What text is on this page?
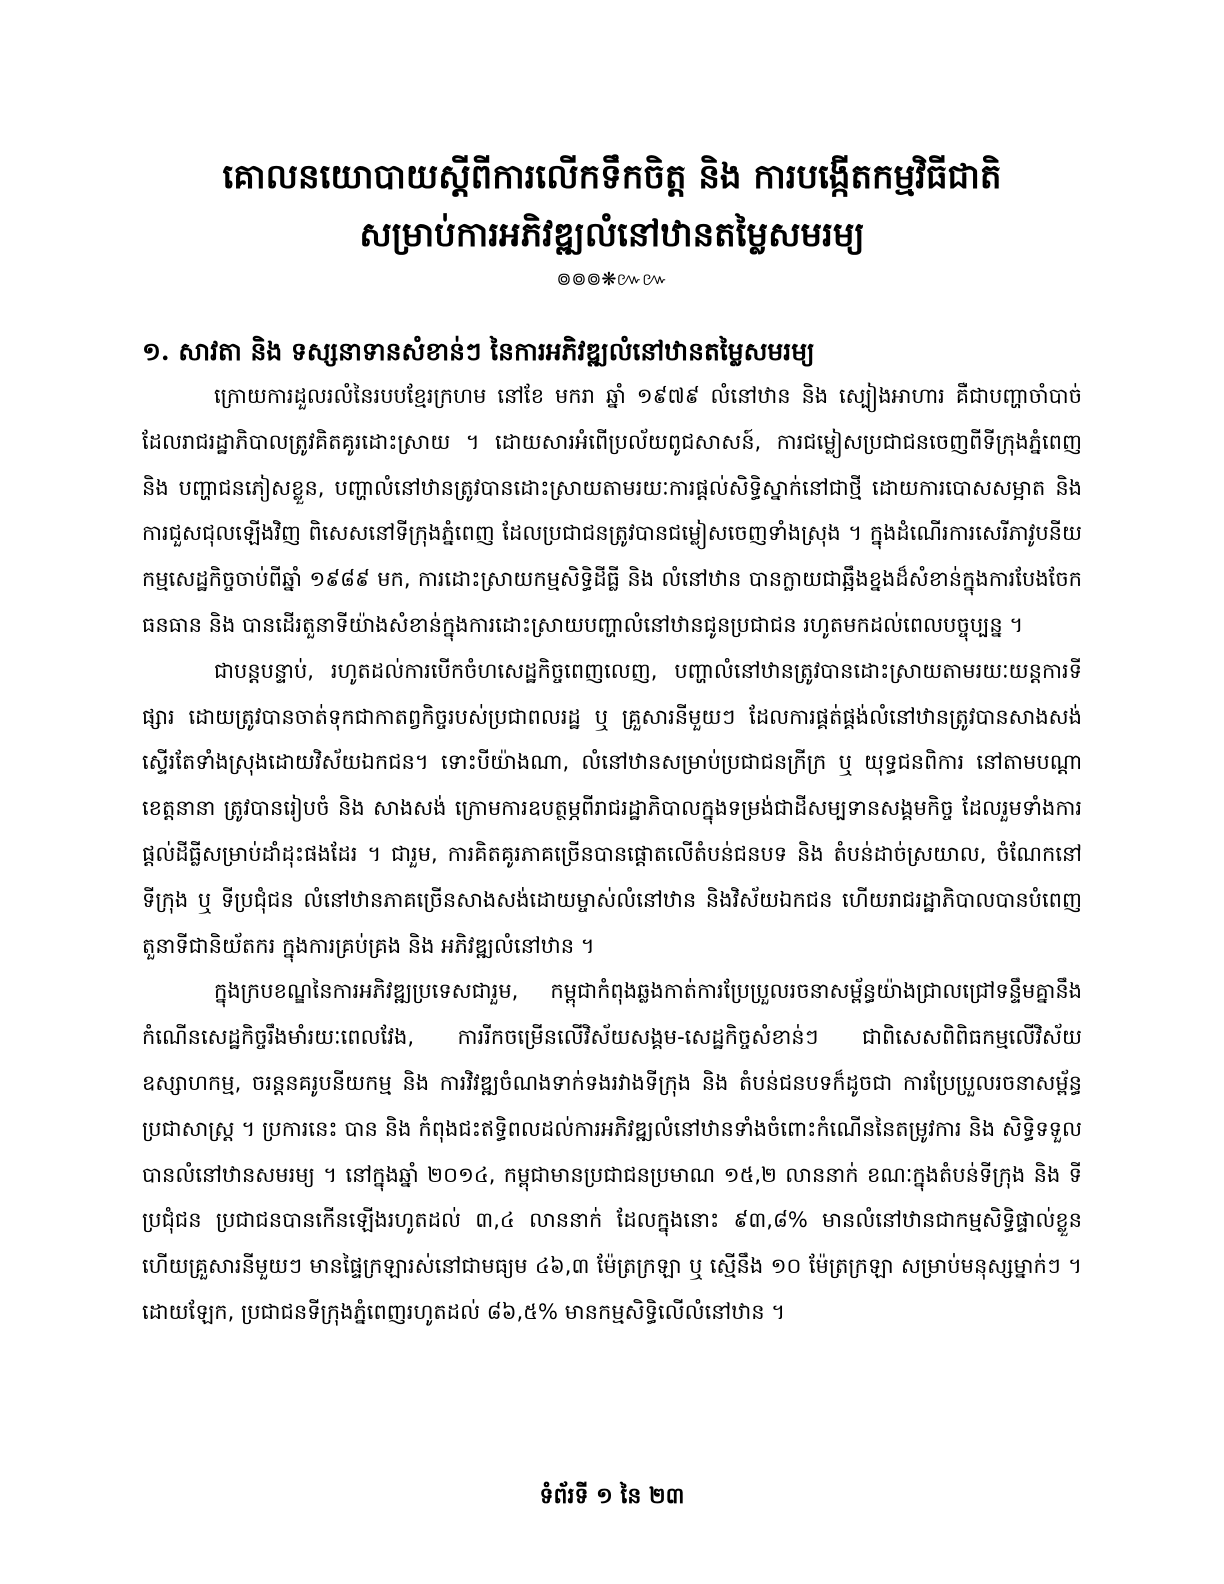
គោលនយោបាយស្តីពីការលើកទឹកចិត្ត និង ការបង្កើតកម្មវិធីជាតិ
សម្រាប់ការអភិវឌ្ឍលំនៅឋានតម្លៃសមរម្យ
៙៙៙❋៚៚
១. សាវតា និង ទស្សនាទានសំខាន់ៗ នៃការអភិវឌ្ឍលំនៅឋានតម្លៃសមរម្យ

ក្រោយការដួលរលំនៃរបបខ្មែរក្រហម នៅខែ មករា ឆ្នាំ ១៩៧៩ លំនៅឋាន និង ស្បៀងអាហារ គឺជាបញ្ហាចាំបាច់ដែលរាជរដ្ឋាភិបាលត្រូវគិតគូរដោះស្រាយ ។ ដោយសារអំពើប្រល័យពូជសាសន៍, ការជម្លៀសប្រជាជនចេញពីទីក្រុងភ្នំពេញ និង បញ្ហាជនភៀសខ្លួន, បញ្ហាលំនៅឋានត្រូវបានដោះស្រាយតាមរយៈការផ្តល់សិទ្ធិស្នាក់នៅជាថ្មី ដោយការបោសសម្អាត និង ការជួសជុលឡើងវិញ ពិសេសនៅទីក្រុងភ្នំពេញ ដែលប្រជាជនត្រូវបានជម្លៀសចេញទាំងស្រុង ។ ក្នុងដំណើរការសេរីភាវូបនីយកម្មសេដ្ឋកិច្ចចាប់ពីឆ្នាំ ១៩៨៩ មក, ការដោះស្រាយកម្មសិទ្ធិដីធ្លី និង លំនៅឋាន បានក្លាយជាឆ្អឹងខ្នងដ៏សំខាន់ក្នុងការបែងចែកធនធាន និង បានដើរតួនាទីយ៉ាងសំខាន់ក្នុងការដោះស្រាយបញ្ហាលំនៅឋានជូនប្រជាជន រហូតមកដល់ពេលបច្ចុប្បន្ន ។

ជាបន្តបន្ទាប់, រហូតដល់ការបើកចំហសេដ្ឋកិច្ចពេញលេញ, បញ្ហាលំនៅឋានត្រូវបានដោះស្រាយតាមរយៈយន្តការទីផ្សារ ដោយត្រូវបានចាត់ទុកជាកាតព្វកិច្ចរបស់ប្រជាពលរដ្ឋ ឬ គ្រួសារនីមួយៗ ដែលការផ្គត់ផ្គង់លំនៅឋានត្រូវបានសាងសង់ស្ទើរតែទាំងស្រុងដោយវិស័យឯកជន។ ទោះបីយ៉ាងណា, លំនៅឋានសម្រាប់ប្រជាជនក្រីក្រ ឬ យុទ្ធជនពិការ នៅតាមបណ្តាខេត្តនានា ត្រូវបានរៀបចំ និង សាងសង់ ក្រោមការឧបត្ថម្ភពីរាជរដ្ឋាភិបាលក្នុងទម្រង់ជាដីសម្បទានសង្គមកិច្ច ដែលរួមទាំងការផ្តល់ដីធ្លីសម្រាប់ដាំដុះផងដែរ ។ ជារួម, ការគិតគូរភាគច្រើនបានផ្តោតលើតំបន់ជនបទ និង តំបន់ដាច់ស្រយាល, ចំណែកនៅទីក្រុង ឬ ទីប្រជុំជន លំនៅឋានភាគច្រើនសាងសង់ដោយម្ចាស់លំនៅឋាន និងវិស័យឯកជន ហើយរាជរដ្ឋាភិបាលបានបំពេញតួនាទីជានិយ័តករ ក្នុងការគ្រប់គ្រង និង អភិវឌ្ឍលំនៅឋាន ។

ក្នុងក្របខណ្ឌនៃការអភិវឌ្ឍប្រទេសជារួម, កម្ពុជាកំពុងឆ្លងកាត់ការប្រែប្រួលរចនាសម្ព័ន្ធយ៉ាងជ្រាលជ្រៅទន្ទឹមគ្នានឹងកំណើនសេដ្ឋកិច្ចរឹងមាំរយៈពេលវែង, ការរីកចម្រើនលើវិស័យសង្គម-សេដ្ឋកិច្ចសំខាន់ៗ ជាពិសេសពិពិធកម្មលើវិស័យឧស្សាហកម្ម, ចរន្តនគរូបនីយកម្ម និង ការវិវឌ្ឍចំណងទាក់ទងរវាងទីក្រុង និង តំបន់ជនបទក៏ដូចជា ការប្រែប្រួលរចនាសម្ព័ន្ធប្រជាសាស្ត្រ ។ ប្រការនេះ បាន និង កំពុងជះឥទ្ធិពលដល់ការអភិវឌ្ឍលំនៅឋានទាំងចំពោះកំណើននៃតម្រូវការ និង សិទ្ធិទទួលបានលំនៅឋានសមរម្យ ។ នៅក្នុងឆ្នាំ ២០១៤, កម្ពុជាមានប្រជាជនប្រមាណ ១៥,២ លាននាក់ ខណៈក្នុងតំបន់ទីក្រុង និង ទីប្រជុំជន ប្រជាជនបានកើនឡើងរហូតដល់ ៣,៤ លាននាក់ ដែលក្នុងនោះ ៩៣,៨% មានលំនៅឋានជាកម្មសិទ្ធិផ្ទាល់ខ្លួន ហើយគ្រួសារនីមួយៗ មានផ្ទៃក្រឡារស់នៅជាមធ្យម ៤៦,៣ ម៉ែត្រក្រឡា ឬ ស្មើនឹង ១០ ម៉ែត្រក្រឡា សម្រាប់មនុស្សម្នាក់ៗ ។ ដោយឡែក, ប្រជាជនទីក្រុងភ្នំពេញរហូតដល់ ៨៦,៥% មានកម្មសិទ្ធិលើលំនៅឋាន ។

ទំព័រទី ១ នៃ ២៣
